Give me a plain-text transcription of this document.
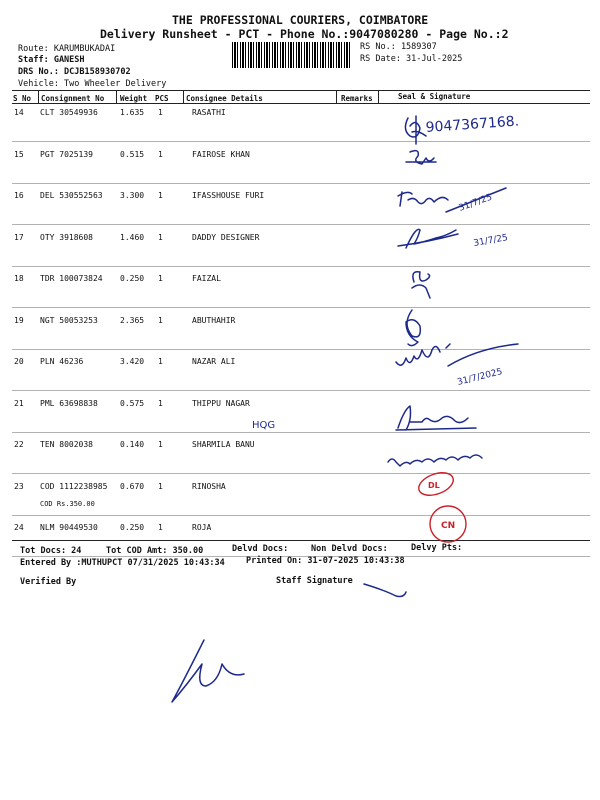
THE PROFESSIONAL COURIERS, COIMBATORE
Delivery Runsheet - PCT - Phone No.:9047080280 - Page No.:2
Route: KARUMBUKADAI
Staff: GANESH
DRS No.: DCJB158930702
Vehicle: Two Wheeler Delivery
RS No.: 1589307
RS Date: 31-Jul-2025
S No Consignment No Weight PCS Consignee Details	Remarks	Seal & Signature
14 CLT 30549936	1.635 1	RASATHI
15 PGT 7025139	0.515 1	FAIROSE KHAN
16 DEL 530552563 3.300 1	IFASSHOUSE FURI
17 OTY 3918608	1.460 1	DADDY DESIGNER
18 TDR 100073824 0.250 1	FAIZAL
19 NGT 50053253	2.365 1	ABUTHAHIR
20 PLN 46236	3.420 1	NAZAR ALI
21 PML 63698838	0.575 1	THIPPU NAGAR
22 TEN 8002038	0.140 1	SHARMILA BANU
23 COD 1112238985 0.670 1	RINOSHA
COD Rs.350.00
24 NLM 90449530	0.250 1	ROJA
Tot Docs: 24	Tot COD Amt: 350.00	Delvd Docs:	Non Delvd Docs:	Delvy Pts:
Entered By :MUTHUPCT 07/31/2025 10:43:34	Printed On: 31-07-2025 10:43:38
Verified By	Staff Signature
9047367168.
31/7/25
31/7/25
31/7/2025
HQG
DL
CN
